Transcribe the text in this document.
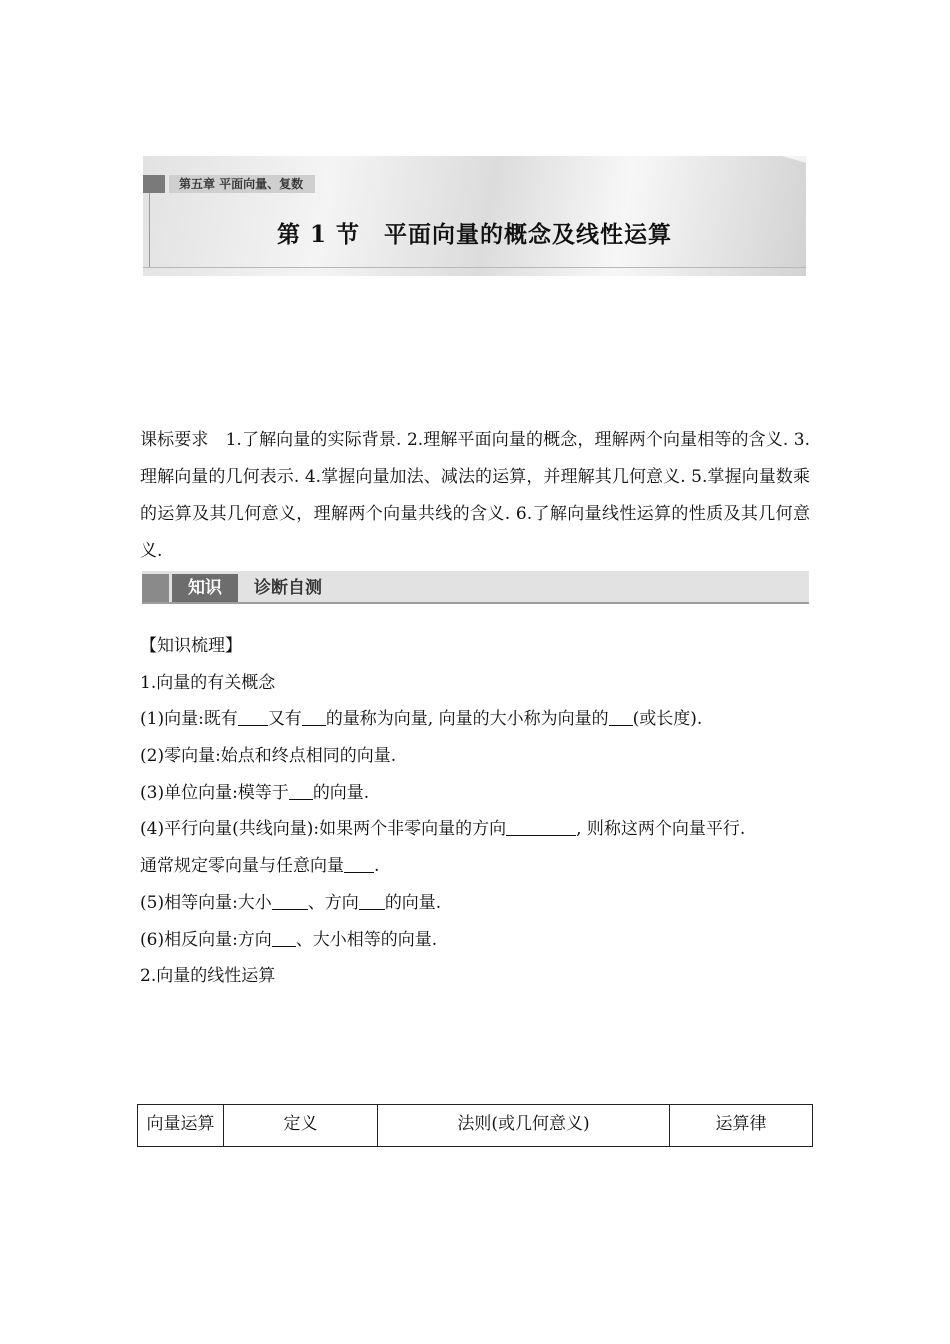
第五章 平面向量、复数
第 1 节　平面向量的概念及线性运算
课标要求　1.了解向量的实际背景. 2.理解平面向量的概念，理解两个向量相等的含义. 3.理解向量的几何表示. 4.掌握向量加法、减法的运算，并理解其几何意义. 5.掌握向量数乘的运算及其几何意义，理解两个向量共线的含义. 6.了解向量线性运算的性质及其几何意义.
知识	诊断自测
【知识梳理】
1.向量的有关概念
(1)向量:既有 又有 的量称为向量, 向量的大小称为向量的 (或长度).
(2)零向量:始点和终点相同的向量.
(3)单位向量:模等于 的向量.
(4)平行向量(共线向量):如果两个非零向量的方向	, 则称这两个向量平行.
通常规定零向量与任意向量 .
(5)相等向量:大小 、方向 的向量.
(6)相反向量:方向 、大小相等的向量.
2.向量的线性运算
向量运算	定义	法则(或几何意义)	运算律
